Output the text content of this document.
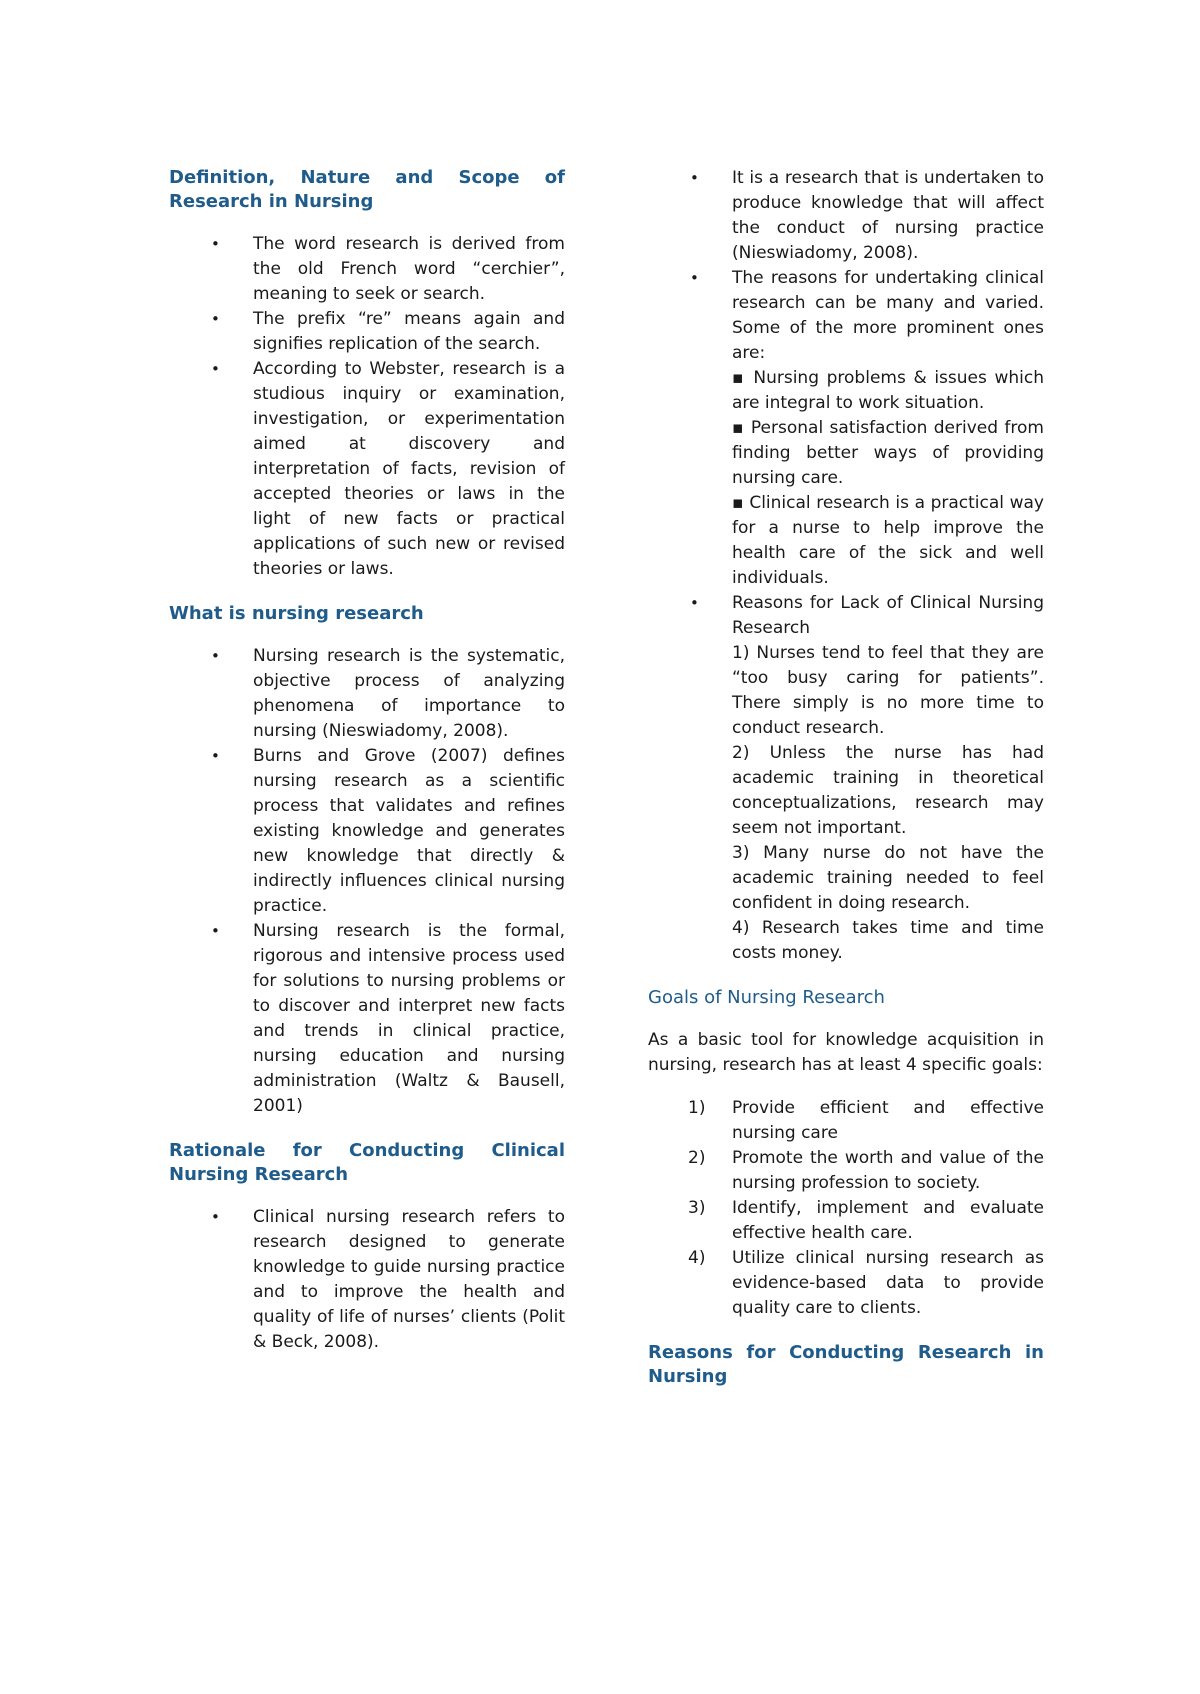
Definition, Nature and Scope of Research in Nursing
• The word research is derived from the old French word “cerchier”, meaning to seek or search.
• The prefix “re” means again and signifies replication of the search.
• According to Webster, research is a studious inquiry or examination, investigation, or experimentation aimed at discovery and interpretation of facts, revision of accepted theories or laws in the light of new facts or practical applications of such new or revised theories or laws.
What is nursing research
• Nursing research is the systematic, objective process of analyzing phenomena of importance to nursing (Nieswiadomy, 2008).
• Burns and Grove (2007) defines nursing research as a scientific process that validates and refines existing knowledge and generates new knowledge that directly & indirectly influences clinical nursing practice.
• Nursing research is the formal, rigorous and intensive process used for solutions to nursing problems or to discover and interpret new facts and trends in clinical practice, nursing education and nursing administration (Waltz & Bausell, 2001)
Rationale for Conducting Clinical Nursing Research
• Clinical nursing research refers to research designed to generate knowledge to guide nursing practice and to improve the health and quality of life of nurses’ clients (Polit & Beck, 2008).
• It is a research that is undertaken to produce knowledge that will affect the conduct of nursing practice (Nieswiadomy, 2008).
• The reasons for undertaking clinical research can be many and varied. Some of the more prominent ones are:
▪ Nursing problems & issues which are integral to work situation.
▪ Personal satisfaction derived from finding better ways of providing nursing care.
▪ Clinical research is a practical way for a nurse to help improve the health care of the sick and well individuals.
• Reasons for Lack of Clinical Nursing Research
1) Nurses tend to feel that they are “too busy caring for patients”. There simply is no more time to conduct research.
2) Unless the nurse has had academic training in theoretical conceptualizations, research may seem not important.
3) Many nurse do not have the academic training needed to feel confident in doing research.
4) Research takes time and time costs money.
Goals of Nursing Research

As a basic tool for knowledge acquisition in nursing, research has at least 4 specific goals:

1) Provide efficient and effective nursing care
2) Promote the worth and value of the nursing profession to society.
3) Identify, implement and evaluate effective health care.
4) Utilize clinical nursing research as evidence-based data to provide quality care to clients.
Reasons for Conducting Research in Nursing
